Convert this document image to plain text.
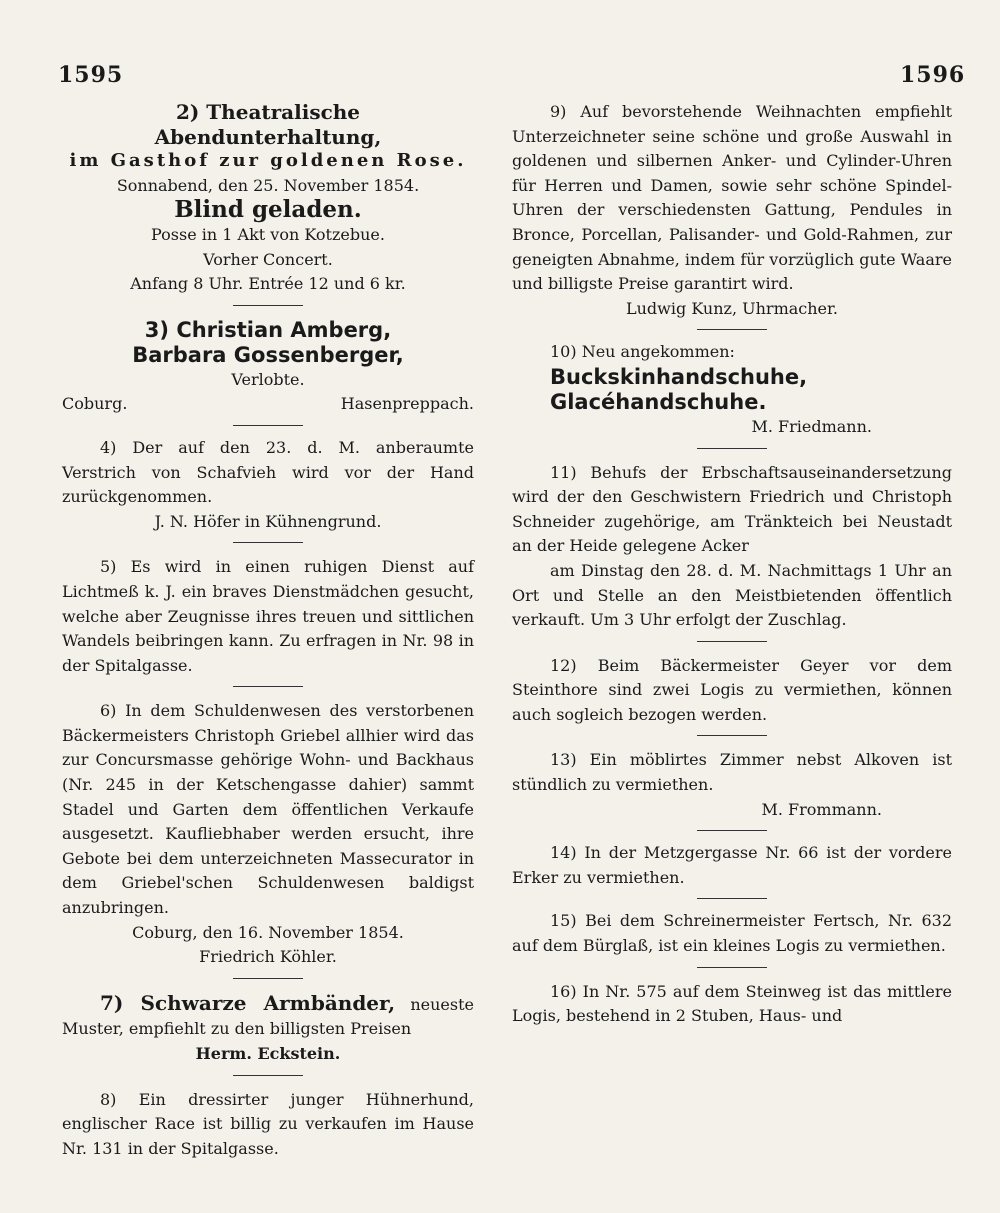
1595	1596

2) Theatralische Abendunterhaltung,

im Gasthof zur goldenen Rose.

Sonnabend, den 25. November 1854.

Blind geladen.

Posse in 1 Akt von Kotzebue.

Vorher Concert.

Anfang 8 Uhr. Entrée 12 und 6 kr.

3) Christian Amberg,

Barbara Gossenberger,

Verlobte.

Coburg.	Hasenpreppach.

4) Der auf den 23. d. M. anberaumte Verstrich von Schafvieh wird vor der Hand zurückgenommen.

J. N. Höfer in Kühnengrund.

5) Es wird in einen ruhigen Dienst auf Lichtmeß k. J. ein braves Dienstmädchen gesucht, welche aber Zeugnisse ihres treuen und sittlichen Wandels beibringen kann. Zu erfragen in Nr. 98 in der Spitalgasse.

6) In dem Schuldenwesen des verstorbenen Bäckermeisters Christoph Griebel allhier wird das zur Concursmasse gehörige Wohn- und Backhaus (Nr. 245 in der Ketschengasse dahier) sammt Stadel und Garten dem öffentlichen Verkaufe ausgesetzt. Kaufliebhaber werden ersucht, ihre Gebote bei dem unterzeichneten Massecurator in dem Griebel'schen Schuldenwesen baldigst anzubringen.

Coburg, den 16. November 1854.

Friedrich Köhler.

7) Schwarze Armbänder, neueste Muster, empfiehlt zu den billigsten Preisen

Herm. Eckstein.

8) Ein dressirter junger Hühnerhund, englischer Race ist billig zu verkaufen im Hause Nr. 131 in der Spitalgasse.

9) Auf bevorstehende Weihnachten empfiehlt Unterzeichneter seine schöne und große Auswahl in goldenen und silbernen Anker- und Cylinder-Uhren für Herren und Damen, sowie sehr schöne Spindel-Uhren der verschiedensten Gattung, Pendules in Bronce, Porcellan, Palisander- und Gold-Rahmen, zur geneigten Abnahme, indem für vorzüglich gute Waare und billigste Preise garantirt wird.

Ludwig Kunz, Uhrmacher.

10) Neu angekommen:

Buckskinhandschuhe,

Glacéhandschuhe.

M. Friedmann.

11) Behufs der Erbschaftsauseinandersetzung wird der den Geschwistern Friedrich und Christoph Schneider zugehörige, am Tränkteich bei Neustadt an der Heide gelegene Acker

am Dinstag den 28. d. M. Nachmittags 1 Uhr an Ort und Stelle an den Meistbietenden öffentlich verkauft. Um 3 Uhr erfolgt der Zuschlag.

12) Beim Bäckermeister Geyer vor dem Steinthore sind zwei Logis zu vermiethen, können auch sogleich bezogen werden.

13) Ein möblirtes Zimmer nebst Alkoven ist stündlich zu vermiethen.

M. Frommann.

14) In der Metzgergasse Nr. 66 ist der vordere Erker zu vermiethen.

15) Bei dem Schreinermeister Fertsch, Nr. 632 auf dem Bürglaß, ist ein kleines Logis zu vermiethen.

16) In Nr. 575 auf dem Steinweg ist das mittlere Logis, bestehend in 2 Stuben, Haus- und
